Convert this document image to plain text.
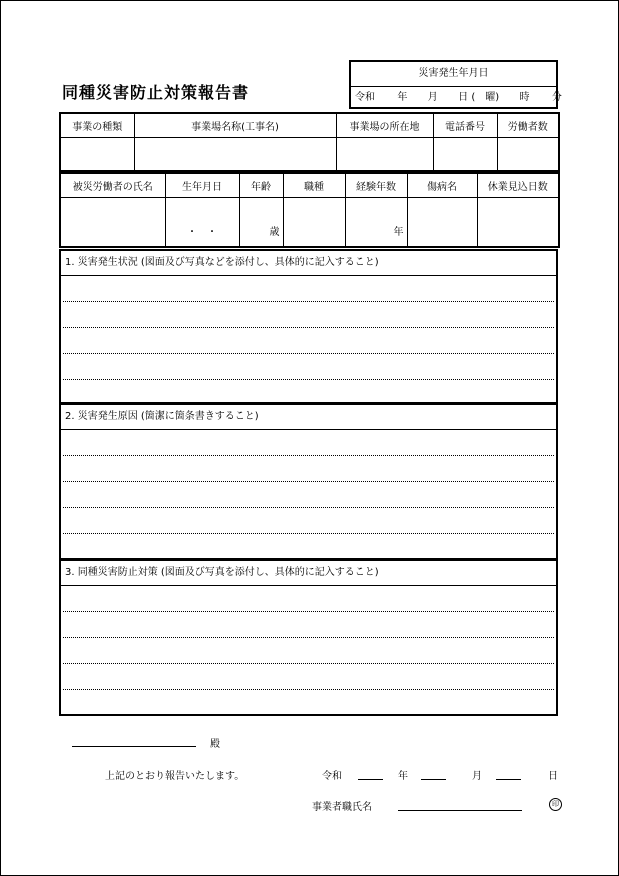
同種災害防止対策報告書
災害発生年月日
令和 年 月 日 (　曜) 時 分
事業の種類	事業場名称(工事名)	事業場の所在地	電話番号	労働者数

被災労働者の氏名	生年月日	年齢	職種	経験年数	傷病名	休業見込日数
	・　・	歳		年		
1. 災害発生状況 (図面及び写真などを添付し、具体的に記入すること)
2. 災害発生原因 (箇潔に箇条書きすること)
3. 同種災害防止対策 (図面及び写真を添付し、具体的に記入すること)
殿
上記のとおり報告いたします。	令和	年	月	日
事業者職氏名	印
